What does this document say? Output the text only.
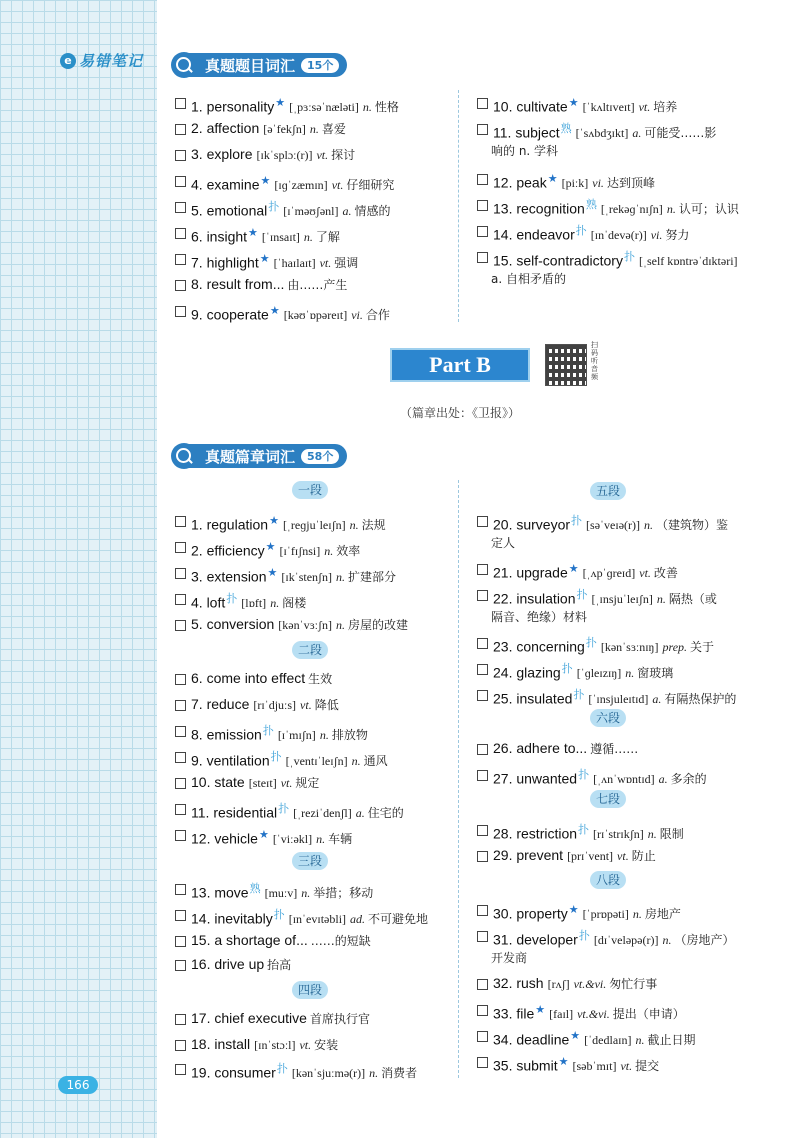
e 易错笔记
166
真题题目词汇	15个
1. personality★ [ˌpɜːsəˈnæləti] n. 性格
2. affection [əˈfekʃn] n. 喜爱
3. explore [ɪkˈsplɔː(r)] vt. 探讨
4. examine★ [ɪɡˈzæmɪn] vt. 仔细研究
5. emotional$^扑$ [ɪˈməʊʃənl] a. 情感的
6. insight★ [ˈɪnsaɪt] n. 了解
7. highlight★ [ˈhaɪlaɪt] vt. 强调
8. result from... 由……产生
9. cooperate★ [kəʊˈɒpəreɪt] vi. 合作
10. cultivate★ [ˈkʌltɪveɪt] vt. 培养
11. subject$^熟$ [ˈsʌbdʒɪkt] a. 可能受……影
响的 n. 学科
12. peak★ [piːk] vi. 达到顶峰
13. recognition$^熟$ [ˌrekəɡˈnɪʃn] n. 认可；认识
14. endeavor$^扑$ [ɪnˈdevə(r)] vi. 努力
15. self-contradictory$^扑$ [ˌself kɒntrəˈdɪktəri]
a. 自相矛盾的
Part B
扫码听音频
（篇章出处：《卫报》）
真题篇章词汇	58个
一段
二段
三段
四段
五段
六段
七段
八段
1. regulation★ [ˌreɡjuˈleɪʃn] n. 法规
2. efficiency★ [ɪˈfɪʃnsi] n. 效率
3. extension★ [ɪkˈstenʃn] n. 扩建部分
4. loft$^扑$ [lɒft] n. 阁楼
5. conversion [kənˈvɜːʃn] n. 房屋的改建
6. come into effect 生效
7. reduce [rɪˈdjuːs] vt. 降低
8. emission$^扑$ [ɪˈmɪʃn] n. 排放物
9. ventilation$^扑$ [ˌventɪˈleɪʃn] n. 通风
10. state [steɪt] vt. 规定
11. residential$^扑$ [ˌreziˈdenʃl] a. 住宅的
12. vehicle★ [ˈviːəkl] n. 车辆
13. move$^熟$ [muːv] n. 举措；移动
14. inevitably$^扑$ [ɪnˈevɪtəbli] ad. 不可避免地
15. a shortage of... ……的短缺
16. drive up 抬高
17. chief executive 首席执行官
18. install [ɪnˈstɔːl] vt. 安装
19. consumer$^扑$ [kənˈsjuːmə(r)] n. 消费者
20. surveyor$^扑$ [səˈveɪə(r)] n. （建筑物）鉴
定人
21. upgrade★ [ˌʌpˈɡreɪd] vt. 改善
22. insulation$^扑$ [ˌɪnsjuˈleɪʃn] n. 隔热（或
隔音、绝缘）材料
23. concerning$^扑$ [kənˈsɜːnɪŋ] prep. 关于
24. glazing$^扑$ [ˈɡleɪzɪŋ] n. 窗玻璃
25. insulated$^扑$ [ˈɪnsjuleɪtɪd] a. 有隔热保护的
26. adhere to... 遵循……
27. unwanted$^扑$ [ˌʌnˈwɒntɪd] a. 多余的
28. restriction$^扑$ [rɪˈstrɪkʃn] n. 限制
29. prevent [prɪˈvent] vt. 防止
30. property★ [ˈprɒpəti] n. 房地产
31. developer$^扑$ [dɪˈveləpə(r)] n. （房地产）
开发商
32. rush [rʌʃ] vt.&vi. 匆忙行事
33. file★ [faɪl] vt.&vi. 提出（申请）
34. deadline★ [ˈdedlaɪn] n. 截止日期
35. submit★ [səbˈmɪt] vt. 提交
